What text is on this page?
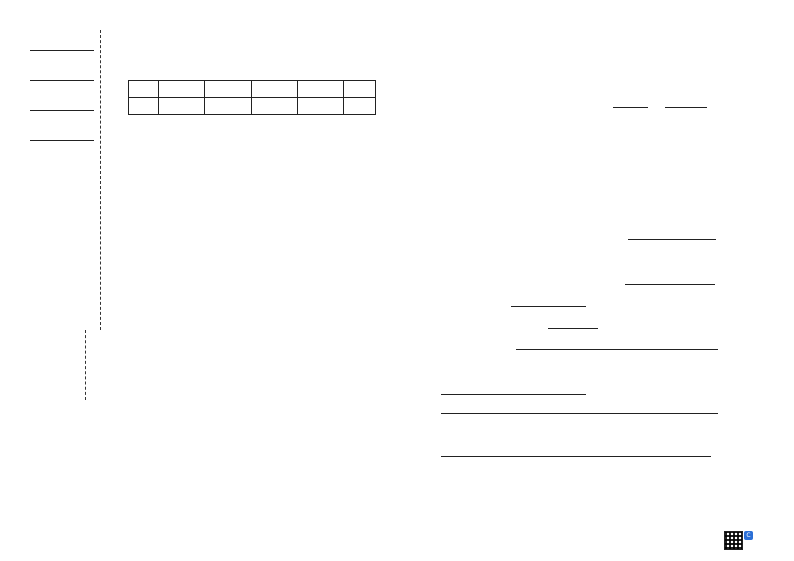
C
